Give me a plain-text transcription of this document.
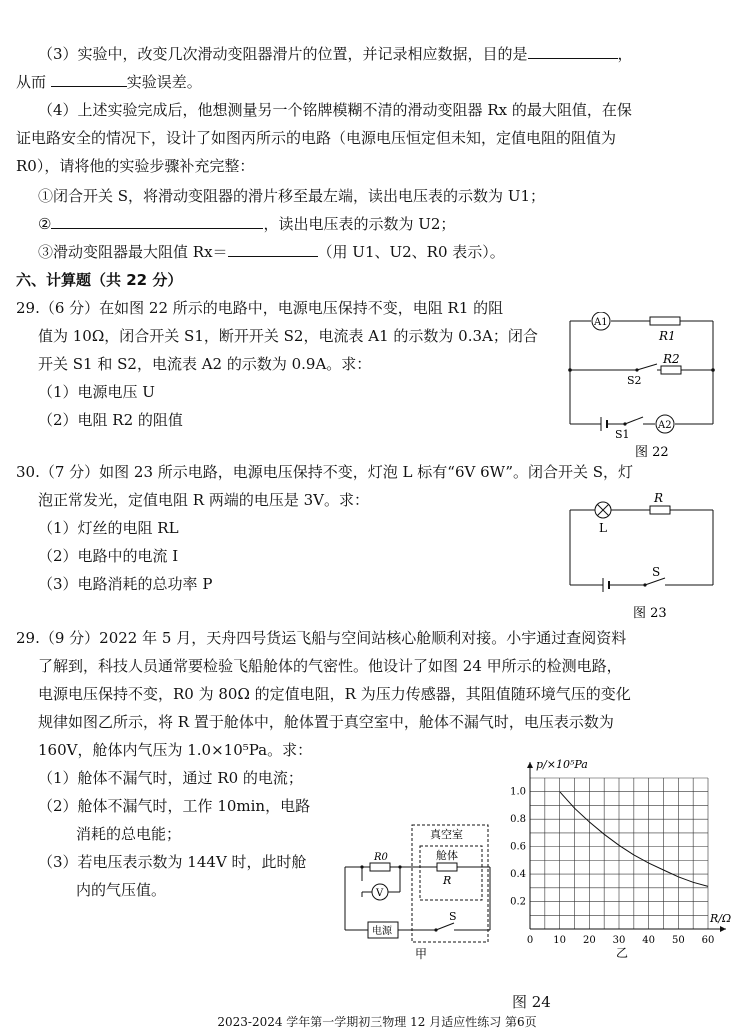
（3）实验中，改变几次滑动变阻器滑片的位置，并记录相应数据，目的是	，
从而	实验误差。
（4）上述实验完成后，他想测量另一个铭牌模糊不清的滑动变阻器 Rx 的最大阻值，在保
证电路安全的情况下，设计了如图丙所示的电路（电源电压恒定但未知，定值电阻的阻值为
R0），请将他的实验步骤补充完整：
①闭合开关 S，将滑动变阻器的滑片移至最左端，读出电压表的示数为 U1；
②	，读出电压表的示数为 U2；
③滑动变阻器最大阻值 Rx＝	（用 U1、U2、R0 表示）。
六、计算题（共 22 分）
29.（6 分）在如图 22 所示的电路中，电源电压保持不变，电阻 R1 的阻
值为 10Ω，闭合开关 S1，断开开关 S2，电流表 A1 的示数为 0.3A；闭合
开关 S1 和 S2，电流表 A2 的示数为 0.9A。求：
（1）电源电压 U
（2）电阻 R2 的阻值
A1
R1
R2
S2
S1
A2
图 22
30.（7 分）如图 23 所示电路，电源电压保持不变，灯泡 L 标有“6V 6W”。闭合开关 S，灯
泡正常发光，定值电阻 R 两端的电压是 3V。求：
（1）灯丝的电阻 RL
（2）电路中的电流 I
（3）电路消耗的总功率 P
R
L
S
图 23
29.（9 分）2022 年 5 月，天舟四号货运飞船与空间站核心舱顺利对接。小宇通过查阅资料
了解到，科技人员通常要检验飞船舱体的气密性。他设计了如图 24 甲所示的检测电路，
电源电压保持不变，R0 为 80Ω 的定值电阻，R 为压力传感器，其阻值随环境气压的变化
规律如图乙所示，将 R 置于舱体中，舱体置于真空室中，舱体不漏气时，电压表示数为
160V，舱体内气压为 1.0×10⁵Pa。求：
（1）舱体不漏气时，通过 R0 的电流；
（2）舱体不漏气时，工作 10min，电路
消耗的总电能；
（3）若电压表示数为 144V 时，此时舱
内的气压值。
真空室
舱体
R
R0
V
电源
S
甲
0 10 20 30 40 50 60
0.2
0.4
0.6
0.8
1.0
p/×10⁵Pa
R/Ω
乙
图 24
2023-2024 学年第一学期初三物理 12 月适应性练习 第6页
